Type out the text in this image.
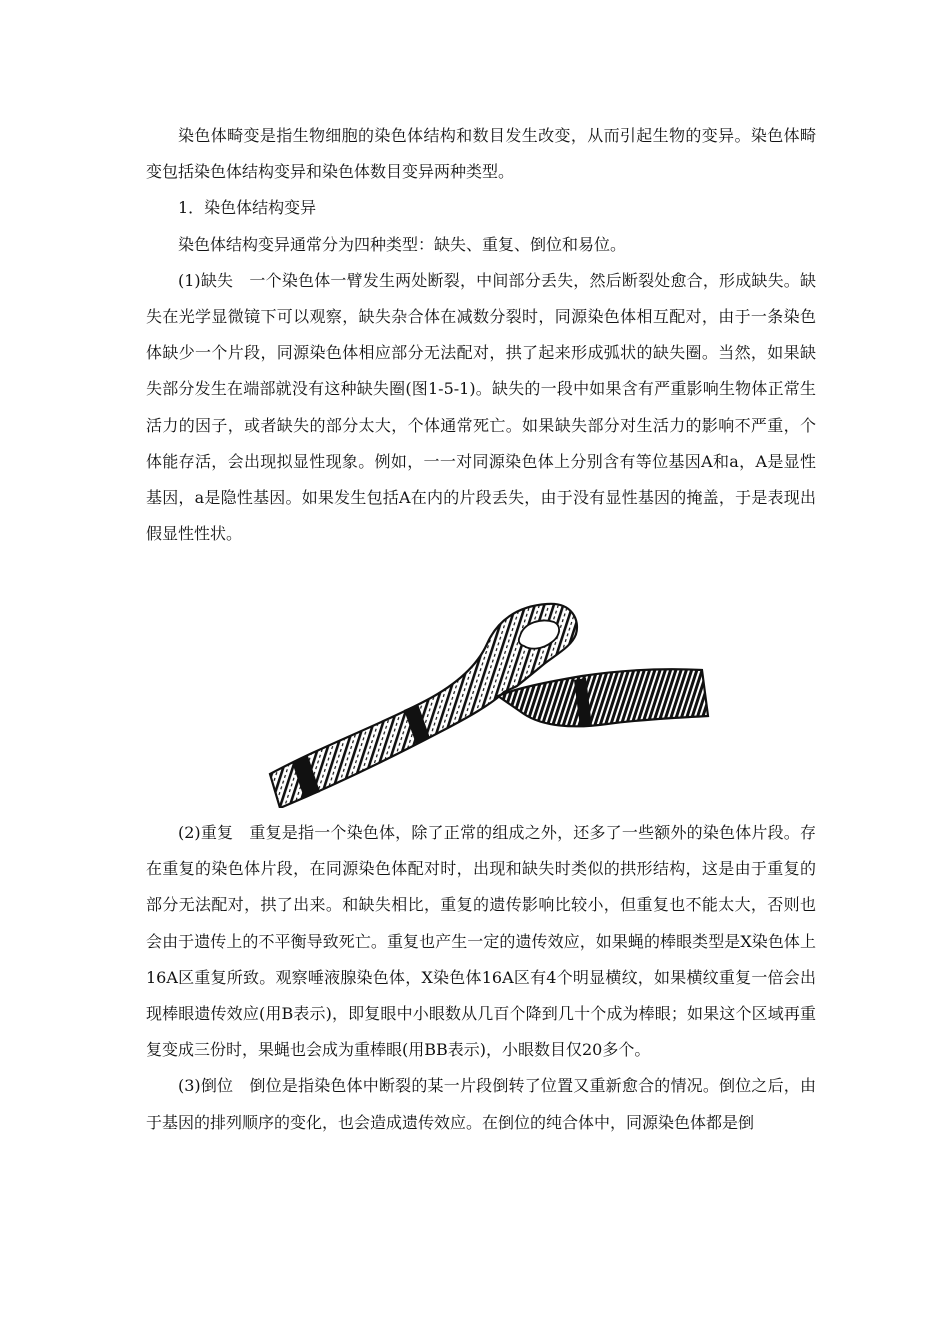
染色体畸变是指生物细胞的染色体结构和数目发生改变，从而引起生物的变异。染色体畸变包括染色体结构变异和染色体数目变异两种类型。

1．染色体结构变异

染色体结构变异通常分为四种类型：缺失、重复、倒位和易位。

(1)缺失　一个染色体一臂发生两处断裂，中间部分丢失，然后断裂处愈合，形成缺失。缺失在光学显微镜下可以观察，缺失杂合体在减数分裂时，同源染色体相互配对，由于一条染色体缺少一个片段，同源染色体相应部分无法配对，拱了起来形成弧状的缺失圈。当然，如果缺失部分发生在端部就没有这种缺失圈(图1-5-1)。缺失的一段中如果含有严重影响生物体正常生活力的因子，或者缺失的部分太大，个体通常死亡。如果缺失部分对生活力的影响不严重，个体能存活，会出现拟显性现象。例如，一一对同源染色体上分别含有等位基因A和a，A是显性基因，a是隐性基因。如果发生包括A在内的片段丢失，由于没有显性基因的掩盖，于是表现出假显性性状。

(2)重复　重复是指一个染色体，除了正常的组成之外，还多了一些额外的染色体片段。存在重复的染色体片段，在同源染色体配对时，出现和缺失时类似的拱形结构，这是由于重复的部分无法配对，拱了出来。和缺失相比，重复的遗传影响比较小，但重复也不能太大，否则也会由于遗传上的不平衡导致死亡。重复也产生一定的遗传效应，如果蝇的棒眼类型是X染色体上16A区重复所致。观察唾液腺染色体，X染色体16A区有4个明显横纹，如果横纹重复一倍会出现棒眼遗传效应(用B表示)，即复眼中小眼数从几百个降到几十个成为棒眼；如果这个区域再重复变成三份时，果蝇也会成为重棒眼(用BB表示)，小眼数目仅20多个。

(3)倒位　倒位是指染色体中断裂的某一片段倒转了位置又重新愈合的情况。倒位之后，由于基因的排列顺序的变化，也会造成遗传效应。在倒位的纯合体中，同源染色体都是倒
